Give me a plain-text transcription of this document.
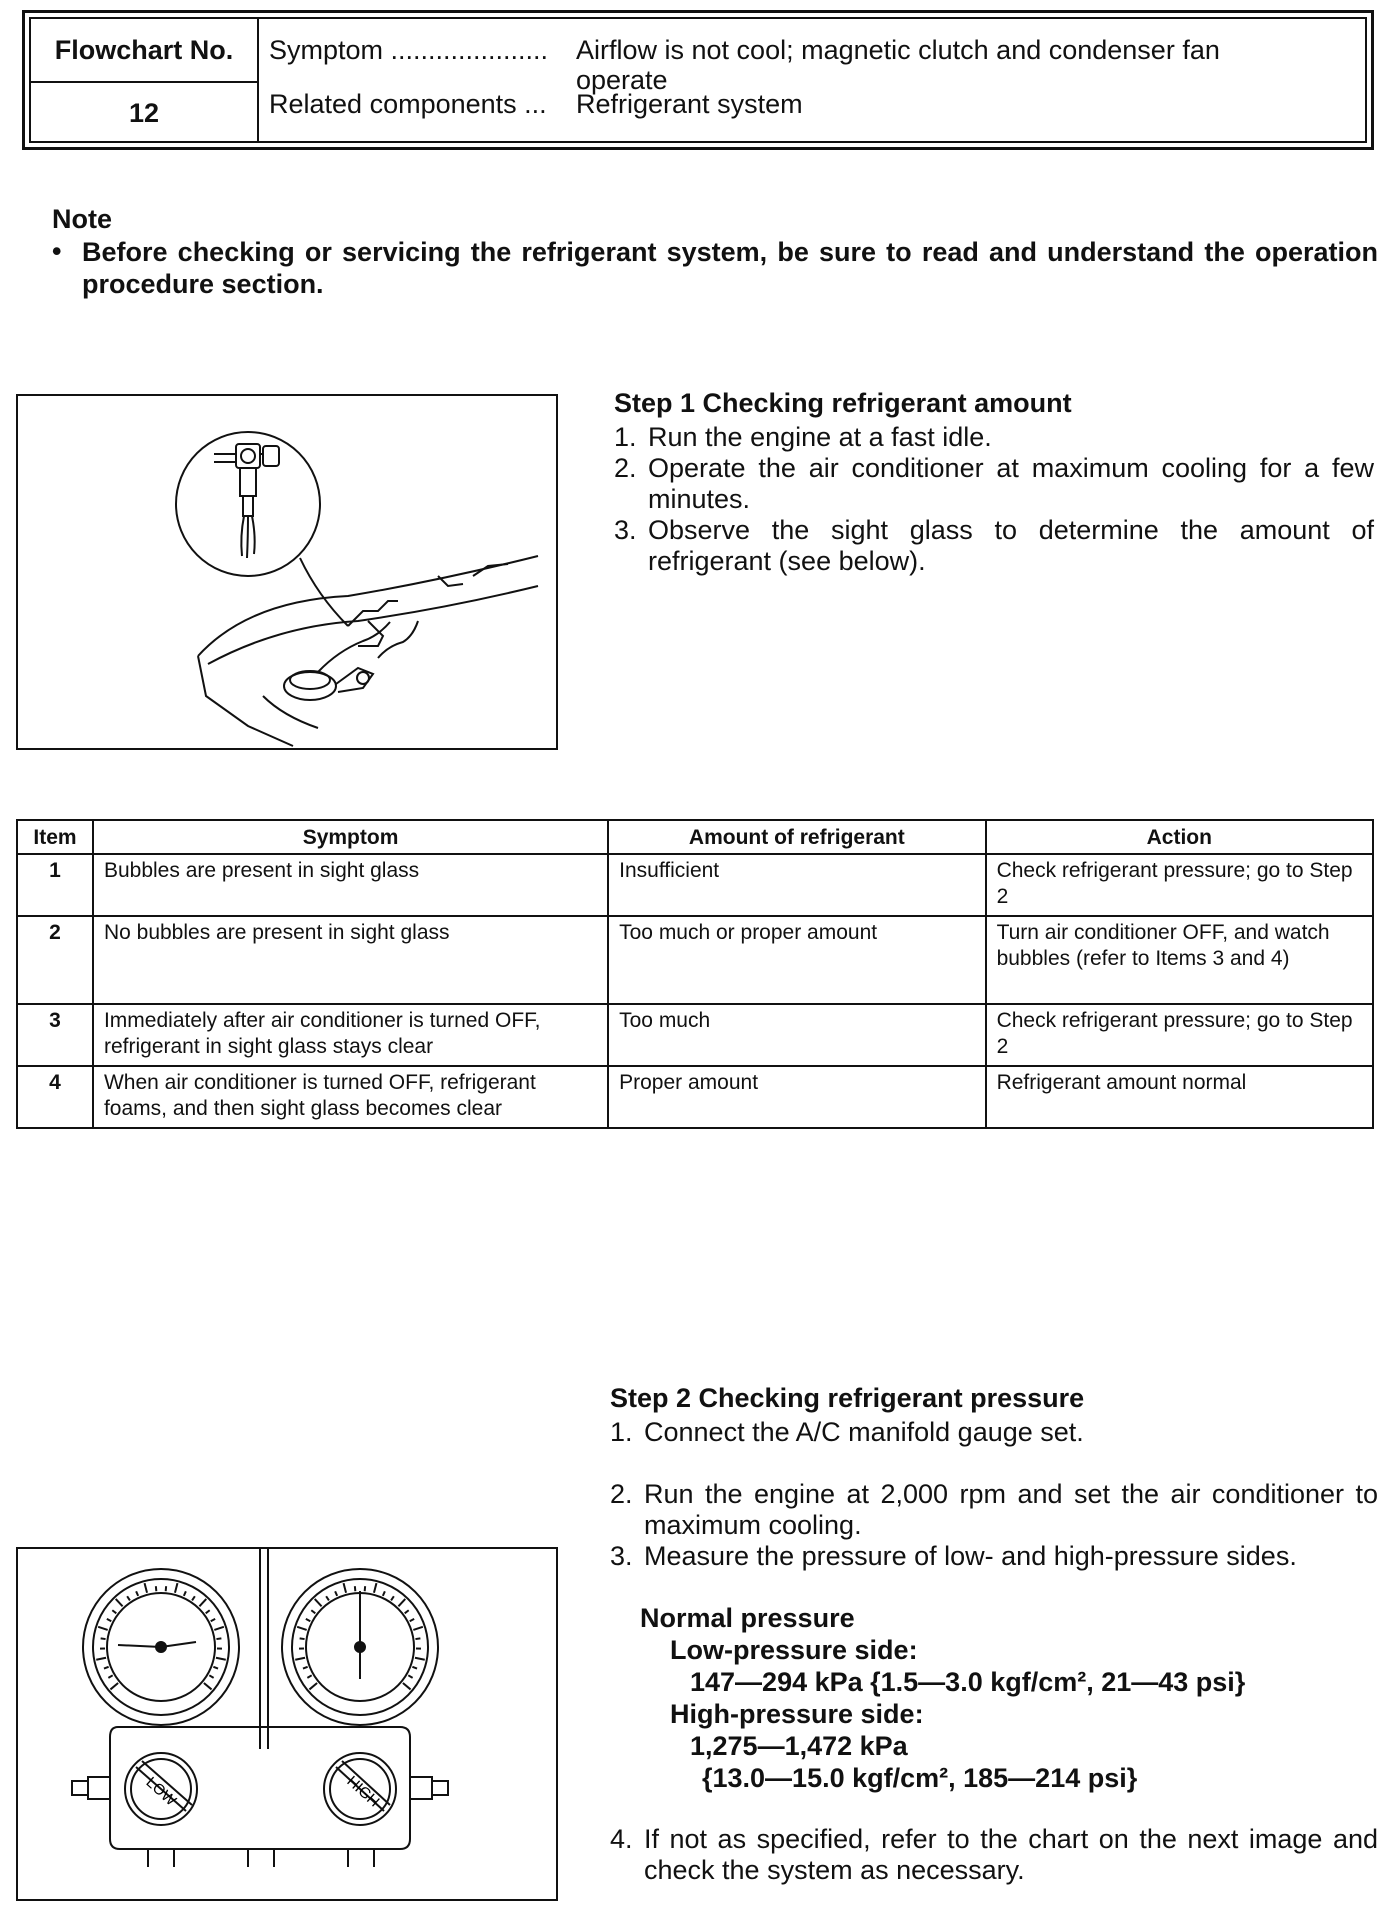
Flowchart No.
12
Symptom ..................... Airflow is not cool; magnetic clutch and condenser fan operate
Related components ... Refrigerant system
Note
• Before checking or servicing the refrigerant system, be sure to read and understand the operation procedure section.
Step 1 Checking refrigerant amount

1. Run the engine at a fast idle.

2. Operate the air conditioner at maximum cooling for a few minutes.

3. Observe the sight glass to determine the amount of refrigerant (see below).

Item	Symptom	Amount of refrigerant	Action
1	Bubbles are present in sight glass	Insufficient	Check refrigerant pressure; go to Step 2
2	No bubbles are present in sight glass	Too much or proper amount	Turn air conditioner OFF, and watch bubbles (refer to Items 3 and 4)
3	Immediately after air conditioner is turned OFF, refrigerant in sight glass stays clear	Too much	Check refrigerant pressure; go to Step 2
4	When air conditioner is turned OFF, refrigerant foams, and then sight glass becomes clear	Proper amount	Refrigerant amount normal
Step 2 Checking refrigerant pressure

1. Connect the A/C manifold gauge set.

2. Run the engine at 2,000 rpm and set the air conditioner to maximum cooling.

3. Measure the pressure of low- and high-pressure sides.

Normal pressure
Low-pressure side:
147—294 kPa {1.5—3.0 kgf/cm², 21—43 psi}
High-pressure side:
1,275—1,472 kPa
{13.0—15.0 kgf/cm², 185—214 psi}

4. If not as specified, refer to the chart on the next image and check the system as necessary.

LOW	HIGH
